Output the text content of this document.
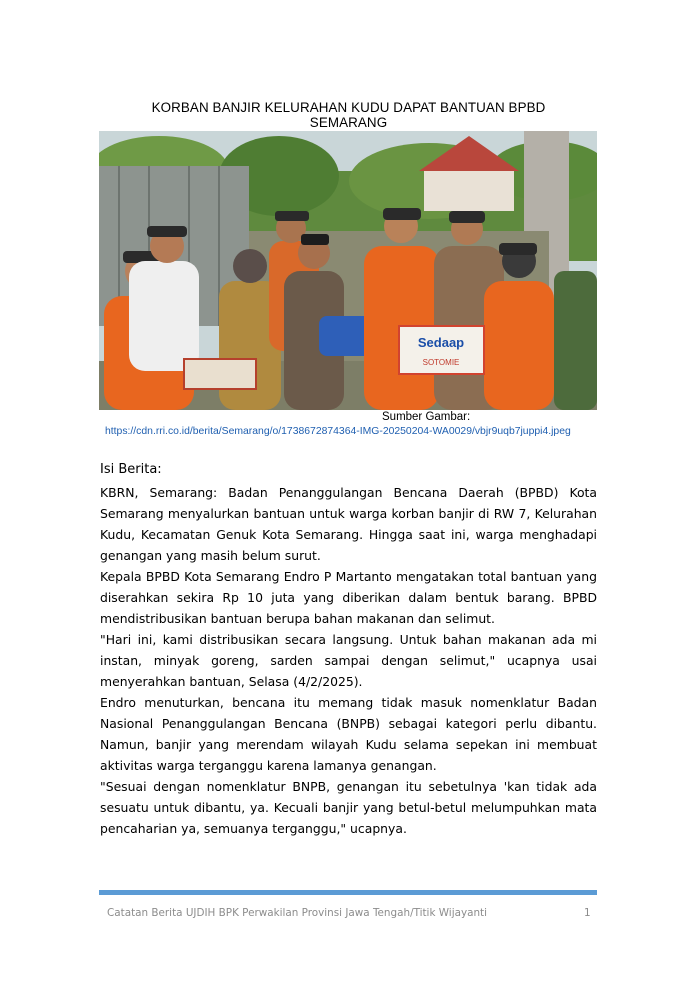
KORBAN BANJIR KELURAHAN KUDU DAPAT BANTUAN BPBD
SEMARANG
Sedaap
SOTOMIE
Sumber Gambar:
https://cdn.rri.co.id/berita/Semarang/o/1738672874364-IMG-20250204-WA0029/vbjr9uqb7juppi4.jpeg
Isi Berita:

KBRN, Semarang: Badan Penanggulangan Bencana Daerah (BPBD) Kota Semarang menyalurkan bantuan untuk warga korban banjir di RW 7, Kelurahan Kudu, Kecamatan Genuk Kota Semarang. Hingga saat ini, warga menghadapi genangan yang masih belum surut.

Kepala BPBD Kota Semarang Endro P Martanto mengatakan total bantuan yang diserahkan sekira Rp 10 juta yang diberikan dalam bentuk barang. BPBD mendistribusikan bantuan berupa bahan makanan dan selimut.

"Hari ini, kami distribusikan secara langsung. Untuk bahan makanan ada mi instan, minyak goreng, sarden sampai dengan selimut," ucapnya usai menyerahkan bantuan, Selasa (4/2/2025).

Endro menuturkan, bencana itu memang tidak masuk nomenklatur Badan Nasional Penanggulangan Bencana (BNPB) sebagai kategori perlu dibantu. Namun, banjir yang merendam wilayah Kudu selama sepekan ini membuat aktivitas warga terganggu karena lamanya genangan.

"Sesuai dengan nomenklatur BNPB, genangan itu sebetulnya 'kan tidak ada sesuatu untuk dibantu, ya. Kecuali banjir yang betul-betul melumpuhkan mata pencaharian ya, semuanya terganggu," ucapnya.

Catatan Berita UJDIH BPK Perwakilan Provinsi Jawa Tengah/Titik Wijayanti	1
